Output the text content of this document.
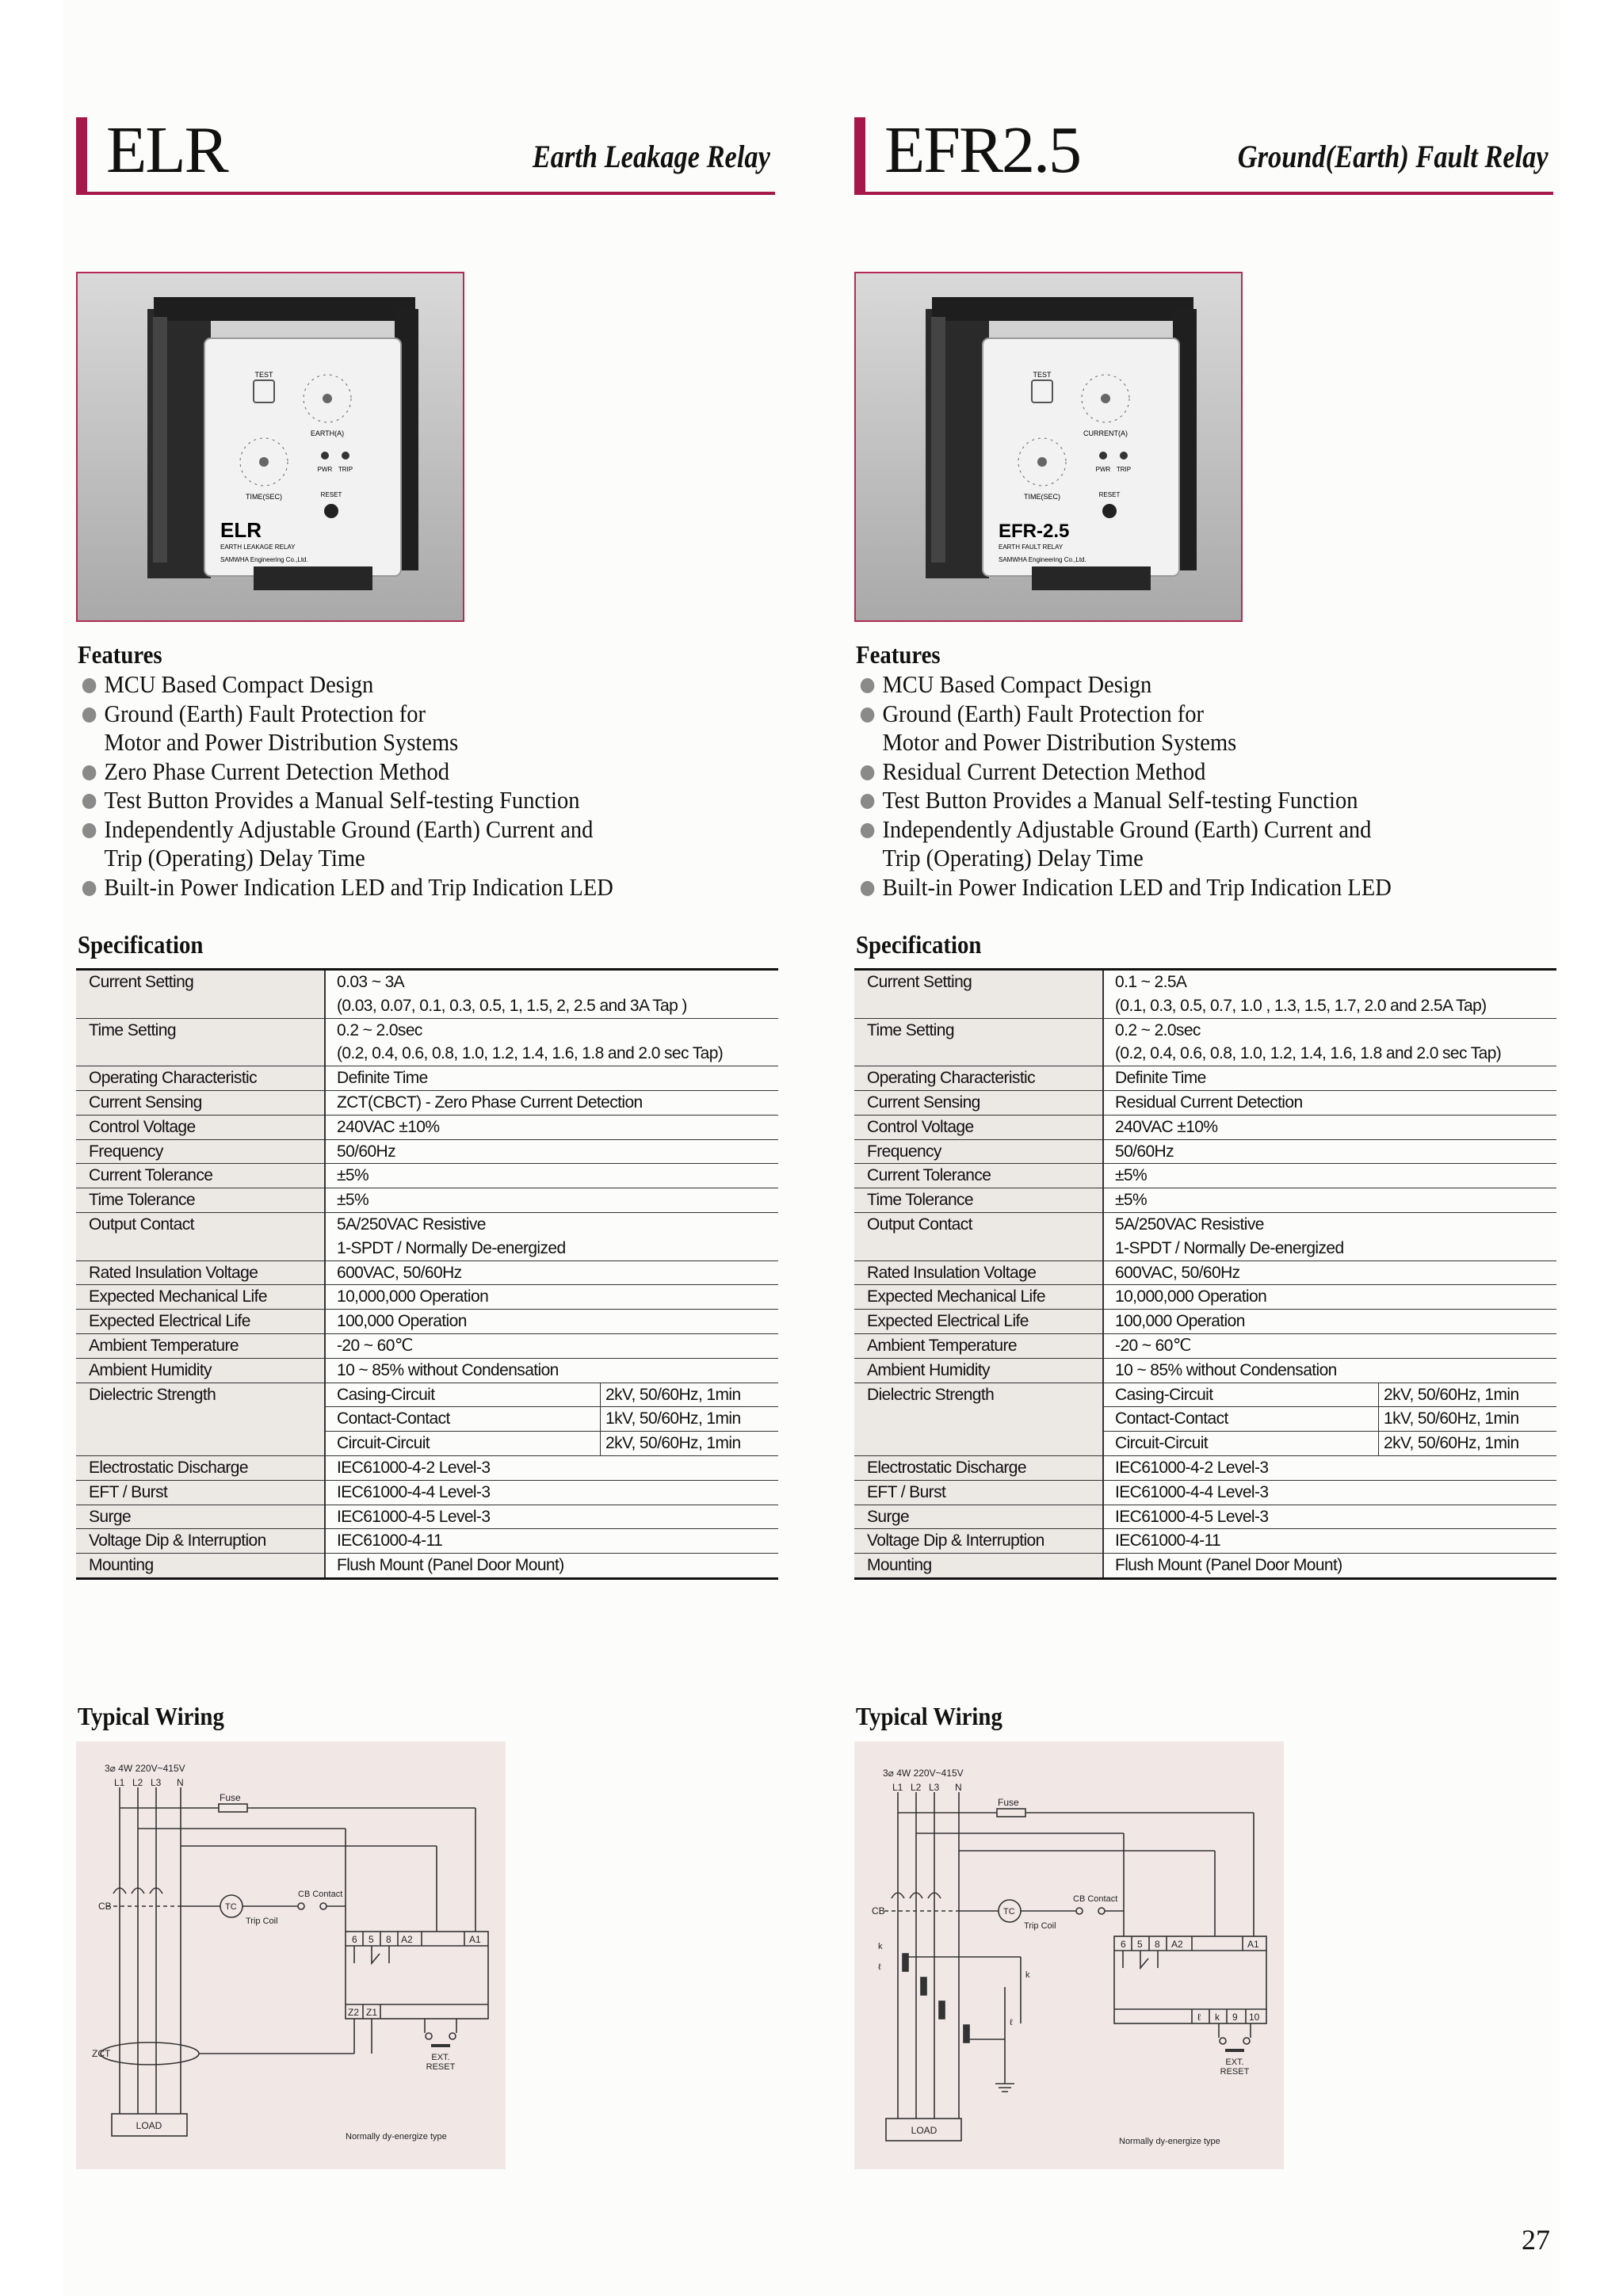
ELR	Earth Leakage Relay
TEST
EARTH(A)
TIME(SEC)
PWR TRIP
RESET
ELR
EARTH LEAKAGE RELAY
SAMWHA Engineering Co.,Ltd.
Features
MCU Based Compact Design
Ground (Earth) Fault Protection for
Motor and Power Distribution Systems
Zero Phase Current Detection Method
Test Button Provides a Manual Self-testing Function
Independently Adjustable Ground (Earth) Current and
Trip (Operating) Delay Time
Built-in Power Indication LED and Trip Indication LED
Specification
Current Setting	0.03 ~ 3A
(0.03, 0.07, 0.1, 0.3, 0.5, 1, 1.5, 2, 2.5 and 3A Tap )
Time Setting	0.2 ~ 2.0sec
(0.2, 0.4, 0.6, 0.8, 1.0, 1.2, 1.4, 1.6, 1.8 and 2.0 sec Tap)
Operating Characteristic	Definite Time
Current Sensing	ZCT(CBCT) - Zero Phase Current Detection
Control Voltage	240VAC ±10%
Frequency	50/60Hz
Current Tolerance	±5%
Time Tolerance	±5%
Output Contact	5A/250VAC Resistive
1-SPDT / Normally De-energized
Rated Insulation Voltage	600VAC, 50/60Hz
Expected Mechanical Life	10,000,000 Operation
Expected Electrical Life	100,000 Operation
Ambient Temperature	-20 ~ 60℃
Ambient Humidity	10 ~ 85% without Condensation
Dielectric Strength	Casing-Circuit	2kV, 50/60Hz, 1min
Contact-Contact	1kV, 50/60Hz, 1min
Circuit-Circuit	2kV, 50/60Hz, 1min
Electrostatic Discharge	IEC61000-4-2 Level-3
EFT / Burst	IEC61000-4-4 Level-3
Surge	IEC61000-4-5 Level-3
Voltage Dip & Interruption	IEC61000-4-11
Mounting	Flush Mount (Panel Door Mount)
Typical Wiring
3⌀ 4W 220V~415V
L1 L2 L3 N
Fuse
CB	TC
Trip Coil
CB Contact
6 5 8 A2	A1
Z2 Z1
EXT.
RESET
ZCT
LOAD
Normally dy-energize type
EFR2.5	Ground(Earth) Fault Relay
TEST
CURRENT(A)
TIME(SEC)
PWR TRIP
RESET
EFR-2.5
EARTH FAULT RELAY
SAMWHA Engineering Co.,Ltd.
Features
MCU Based Compact Design
Ground (Earth) Fault Protection for
Motor and Power Distribution Systems
Residual Current Detection Method
Test Button Provides a Manual Self-testing Function
Independently Adjustable Ground (Earth) Current and
Trip (Operating) Delay Time
Built-in Power Indication LED and Trip Indication LED
Specification
Current Setting	0.1 ~ 2.5A
(0.1, 0.3, 0.5, 0.7, 1.0 , 1.3, 1.5, 1.7, 2.0 and 2.5A Tap)
Time Setting	0.2 ~ 2.0sec
(0.2, 0.4, 0.6, 0.8, 1.0, 1.2, 1.4, 1.6, 1.8 and 2.0 sec Tap)
Operating Characteristic	Definite Time
Current Sensing	Residual Current Detection
Control Voltage	240VAC ±10%
Frequency	50/60Hz
Current Tolerance	±5%
Time Tolerance	±5%
Output Contact	5A/250VAC Resistive
1-SPDT / Normally De-energized
Rated Insulation Voltage	600VAC, 50/60Hz
Expected Mechanical Life	10,000,000 Operation
Expected Electrical Life	100,000 Operation
Ambient Temperature	-20 ~ 60℃
Ambient Humidity	10 ~ 85% without Condensation
Dielectric Strength	Casing-Circuit	2kV, 50/60Hz, 1min
Contact-Contact	1kV, 50/60Hz, 1min
Circuit-Circuit	2kV, 50/60Hz, 1min
Electrostatic Discharge	IEC61000-4-2 Level-3
EFT / Burst	IEC61000-4-4 Level-3
Surge	IEC61000-4-5 Level-3
Voltage Dip & Interruption	IEC61000-4-11
Mounting	Flush Mount (Panel Door Mount)
Typical Wiring
3⌀ 4W 220V~415V
L1 L2 L3 N
Fuse
CB	TC
Trip Coil
CB Contact
6 5 8 A2	A1
ℓ k 9 10
k
ℓ
k
ℓ
EXT.
RESET
LOAD
Normally dy-energize type
27
